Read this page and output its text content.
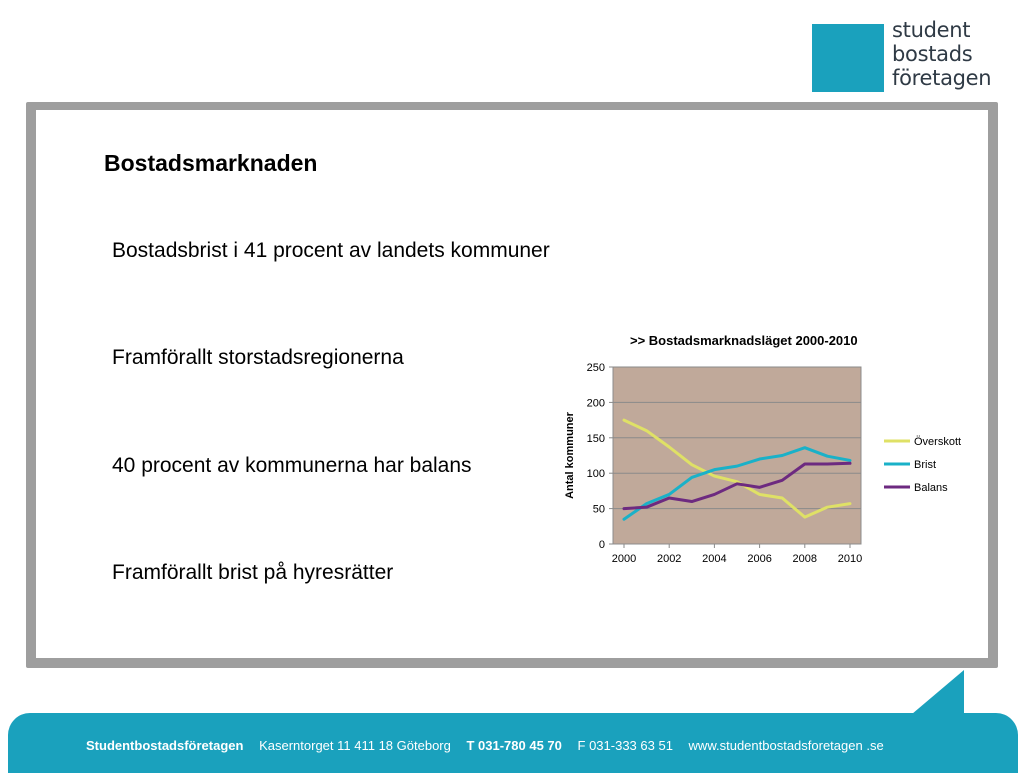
student
bostads
företagen
Bostadsmarknaden
Bostadsbrist i 41 procent av landets kommuner
Framförallt storstadsregionerna
40 procent av kommunerna har balans
Framförallt brist på hyresrätter
>> Bostadsmarknadsläget 2000-2010
0
50
100
150
200
250
2000 2002 2004 2006 2008 2010
Antal kommuner	Överskott
Brist
Balans
Studentbostadsföretagen Kaserntorget 11 411 18 Göteborg T 031-780 45 70 F 031-333 63 51 www.studentbostadsforetagen .se
